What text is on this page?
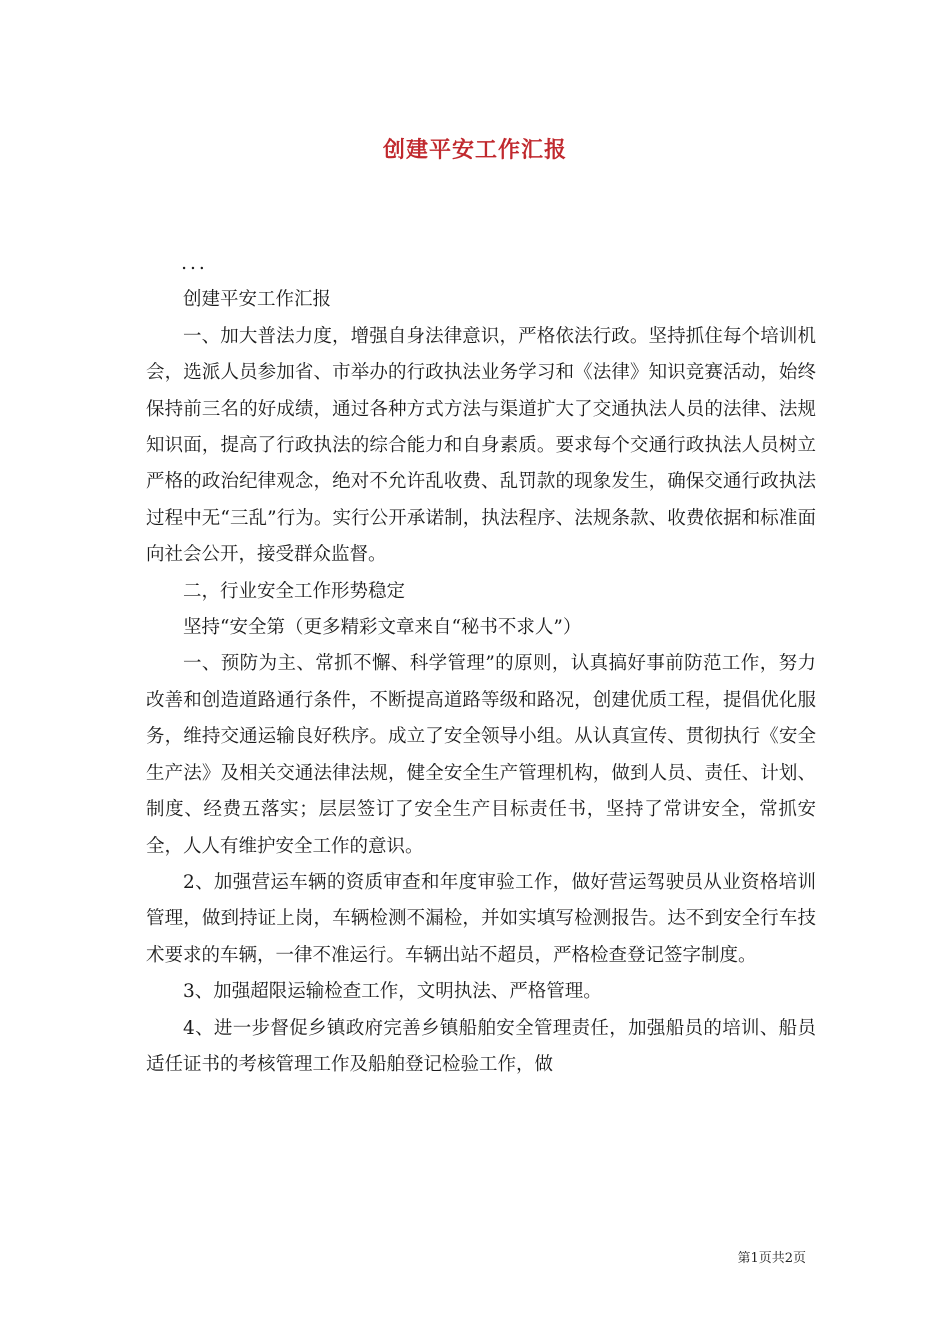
创建平安工作汇报

...

创建平安工作汇报

一、加大普法力度，增强自身法律意识，严格依法行政。坚持抓住每个培训机会，选派人员参加省、市举办的行政执法业务学习和《法律》知识竞赛活动，始终保持前三名的好成绩，通过各种方式方法与渠道扩大了交通执法人员的法律、法规知识面，提高了行政执法的综合能力和自身素质。要求每个交通行政执法人员树立严格的政治纪律观念，绝对不允许乱收费、乱罚款的现象发生，确保交通行政执法过程中无“三乱”行为。实行公开承诺制，执法程序、法规条款、收费依据和标准面向社会公开，接受群众监督。

二，行业安全工作形势稳定

坚持“安全第（更多精彩文章来自“秘书不求人”）

一、预防为主、常抓不懈、科学管理”的原则，认真搞好事前防范工作，努力改善和创造道路通行条件，不断提高道路等级和路况，创建优质工程，提倡优化服务，维持交通运输良好秩序。成立了安全领导小组。从认真宣传、贯彻执行《安全生产法》及相关交通法律法规，健全安全生产管理机构，做到人员、责任、计划、制度、经费五落实；层层签订了安全生产目标责任书，坚持了常讲安全，常抓安全，人人有维护安全工作的意识。

2、加强营运车辆的资质审查和年度审验工作，做好营运驾驶员从业资格培训管理，做到持证上岗，车辆检测不漏检，并如实填写检测报告。达不到安全行车技术要求的车辆，一律不准运行。车辆出站不超员，严格检查登记签字制度。

3、加强超限运输检查工作，文明执法、严格管理。

4、进一步督促乡镇政府完善乡镇船舶安全管理责任，加强船员的培训、船员适任证书的考核管理工作及船舶登记检验工作，做

第1页共2页
